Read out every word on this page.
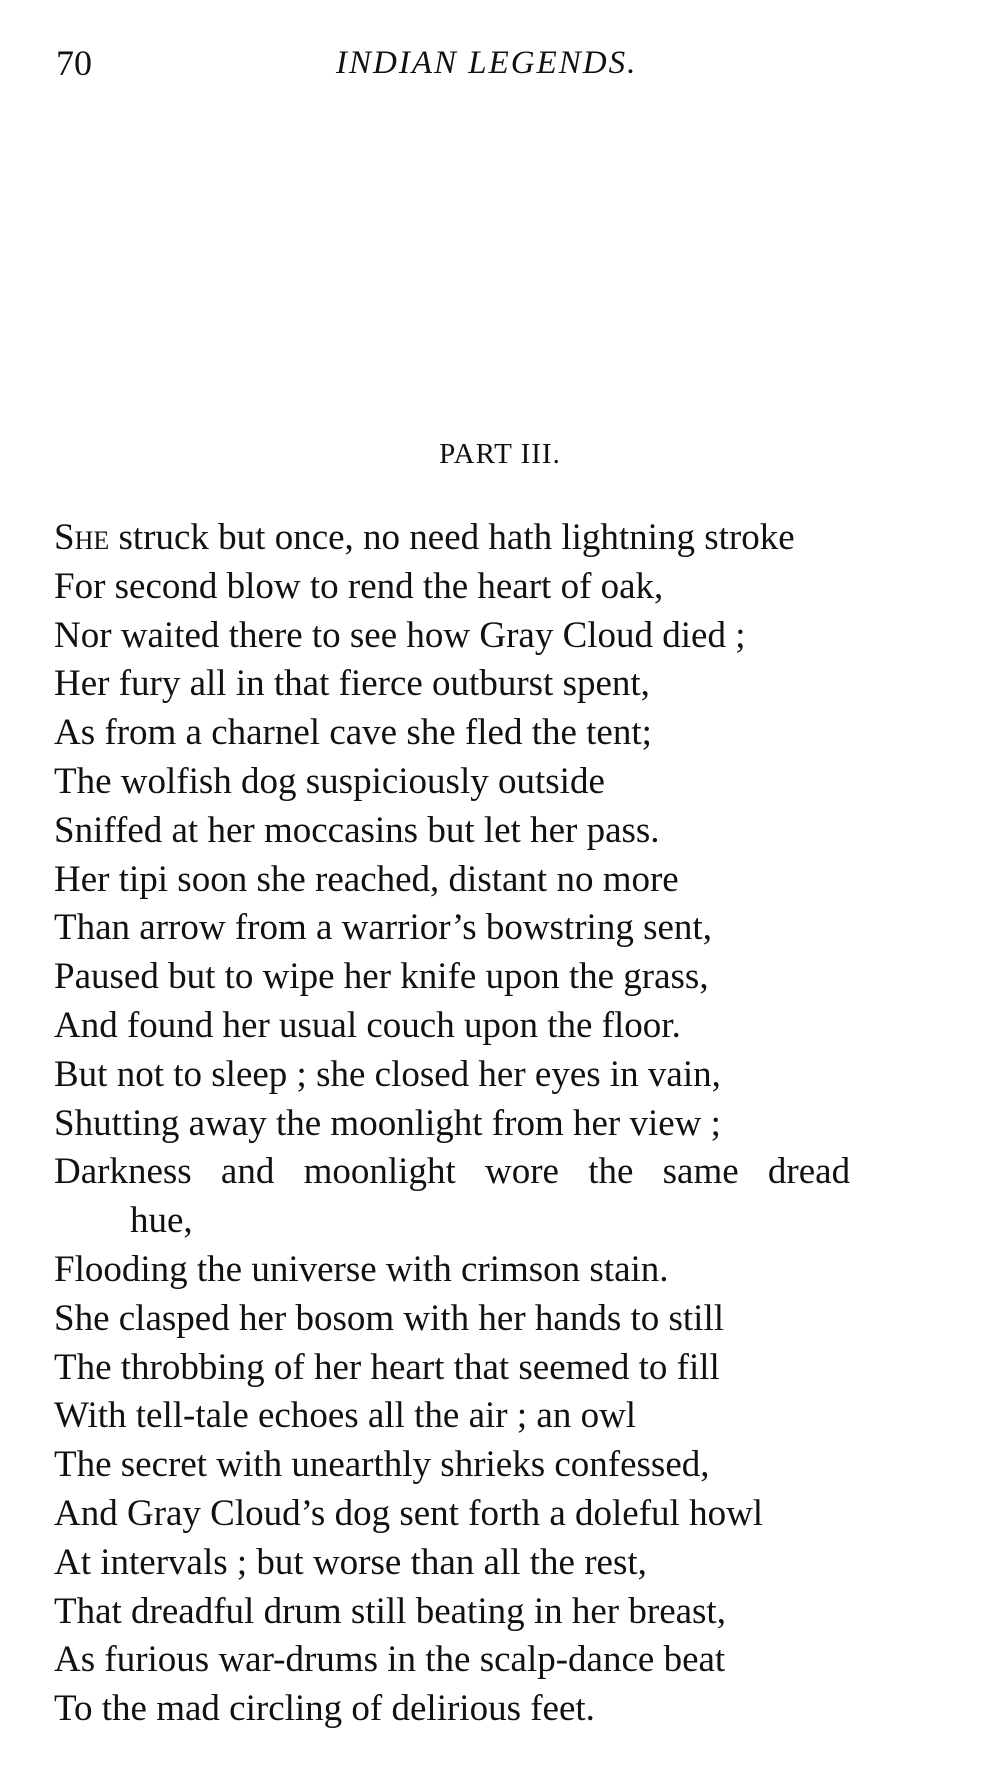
70	INDIAN LEGENDS.
PART III.
She struck but once, no need hath lightning stroke
For second blow to rend the heart of oak,
Nor waited there to see how Gray Cloud died ;
Her fury all in that fierce outburst spent,
As from a charnel cave she fled the tent;
The wolfish dog suspiciously outside
Sniffed at her moccasins but let her pass.
Her tipi soon she reached, distant no more
Than arrow from a warrior’s bowstring sent,
Paused but to wipe her knife upon the grass,
And found her usual couch upon the floor.
But not to sleep ; she closed her eyes in vain,
Shutting away the moonlight from her view ;
Darkness and moonlight wore the same dread
hue,
Flooding the universe with crimson stain.
She clasped her bosom with her hands to still
The throbbing of her heart that seemed to fill
With tell-tale echoes all the air ; an owl
The secret with unearthly shrieks confessed,
And Gray Cloud’s dog sent forth a doleful howl
At intervals ; but worse than all the rest,
That dreadful drum still beating in her breast,
As furious war-drums in the scalp-dance beat
To the mad circling of delirious feet.
